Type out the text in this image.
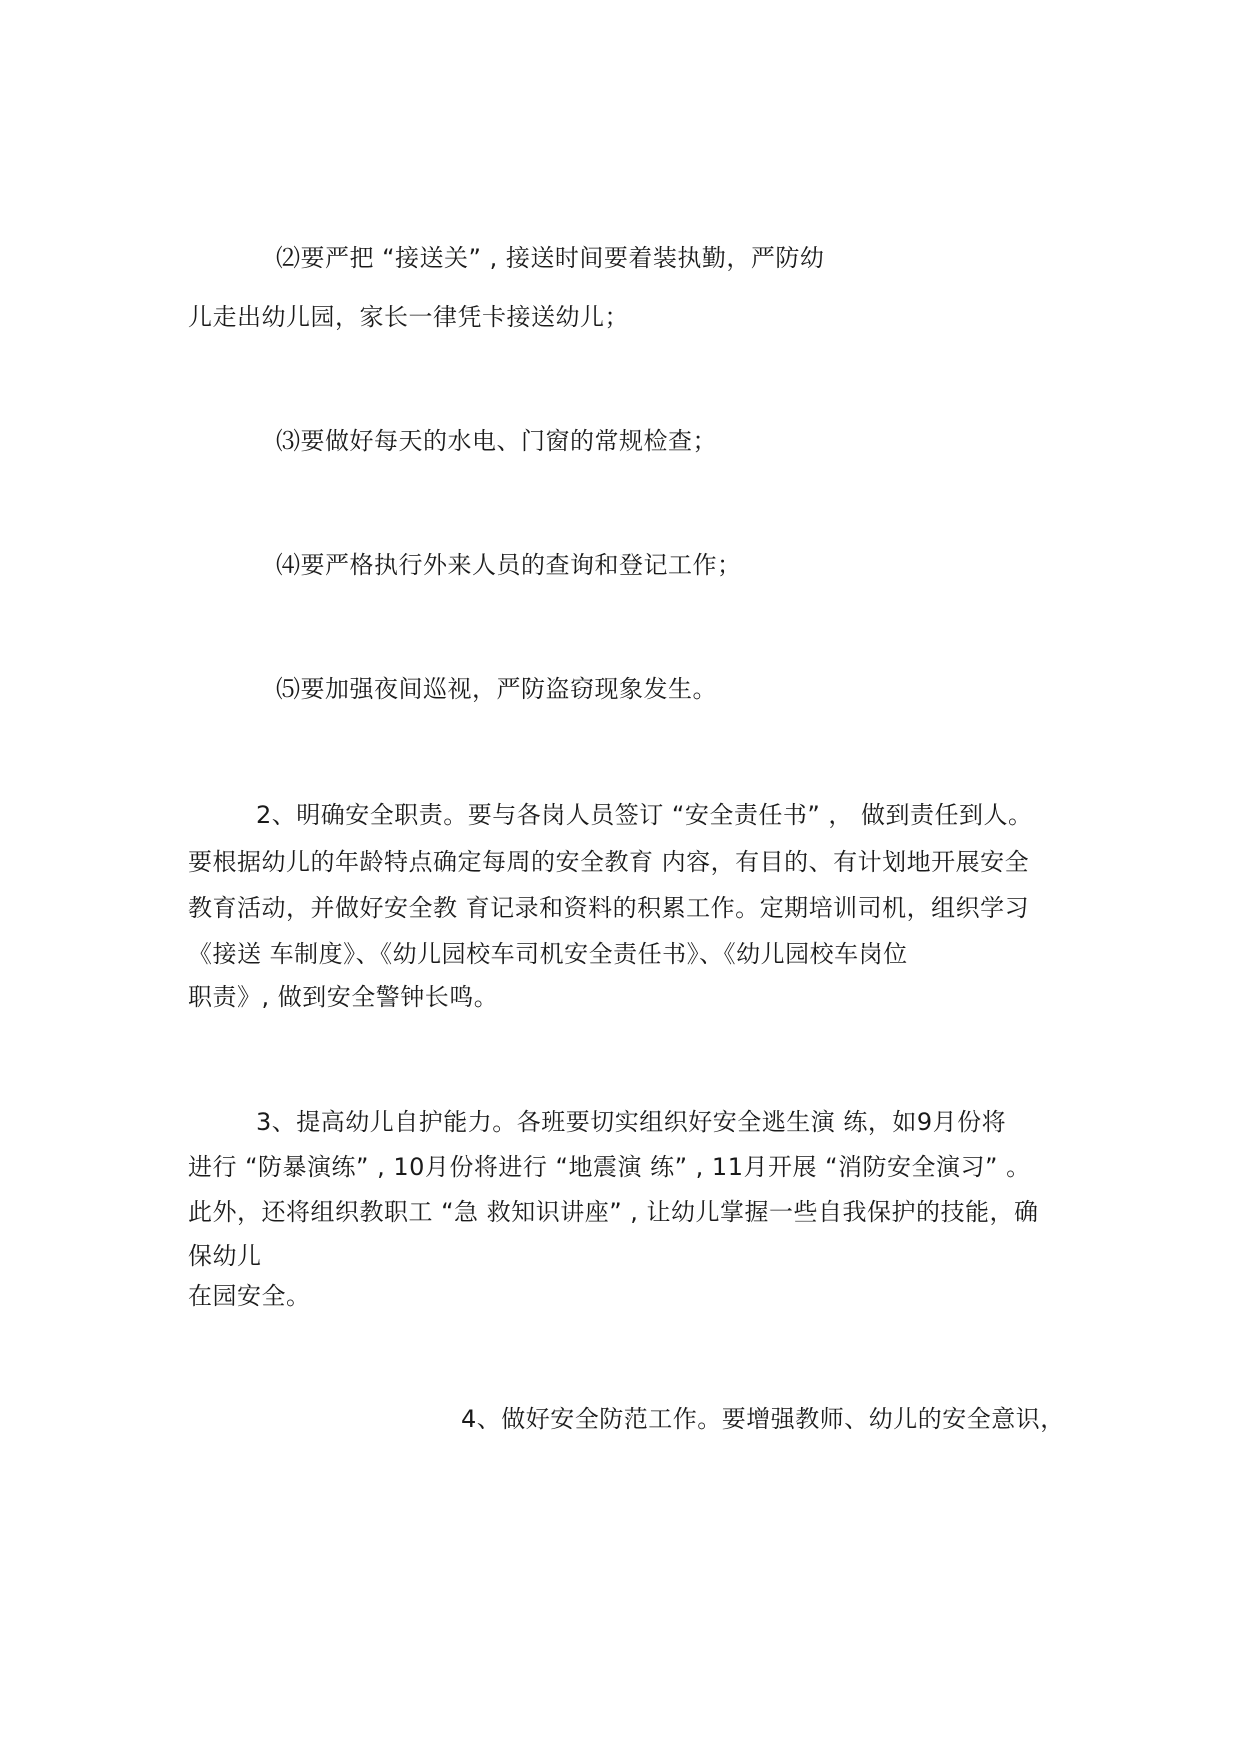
⑵要严把 “接送关” , 接送时间要着装执勤，严防幼
儿走出幼儿园，家长一律凭卡接送幼儿；
⑶要做好每天的水电、门窗的常规检查；
⑷要严格执行外来人员的查询和登记工作；
⑸要加强夜间巡视，严防盗窃现象发生。
2、明确安全职责。要与各岗人员签订 “安全责任书” ， 做到责任到人。
要根据幼儿的年龄特点确定每周的安全教育 内容，有目的、有计划地开展安全
教育活动，并做好安全教 育记录和资料的积累工作。定期培训司机，组织学习
《接送 车制度》、《幼儿园校车司机安全责任书》、《幼儿园校车岗位
职责》, 做到安全警钟长鸣。
3、提高幼儿自护能力。各班要切实组织好安全逃生演 练，如9月份将
进行 “防暴演练” , 10月份将进行 “地震演 练” , 11月开展 “消防安全演习” 。
此外，还将组织教职工 “急 救知识讲座” , 让幼儿掌握一些自我保护的技能，确
保幼儿
在园安全。
4、做好安全防范工作。要增强教师、幼儿的安全意识，
